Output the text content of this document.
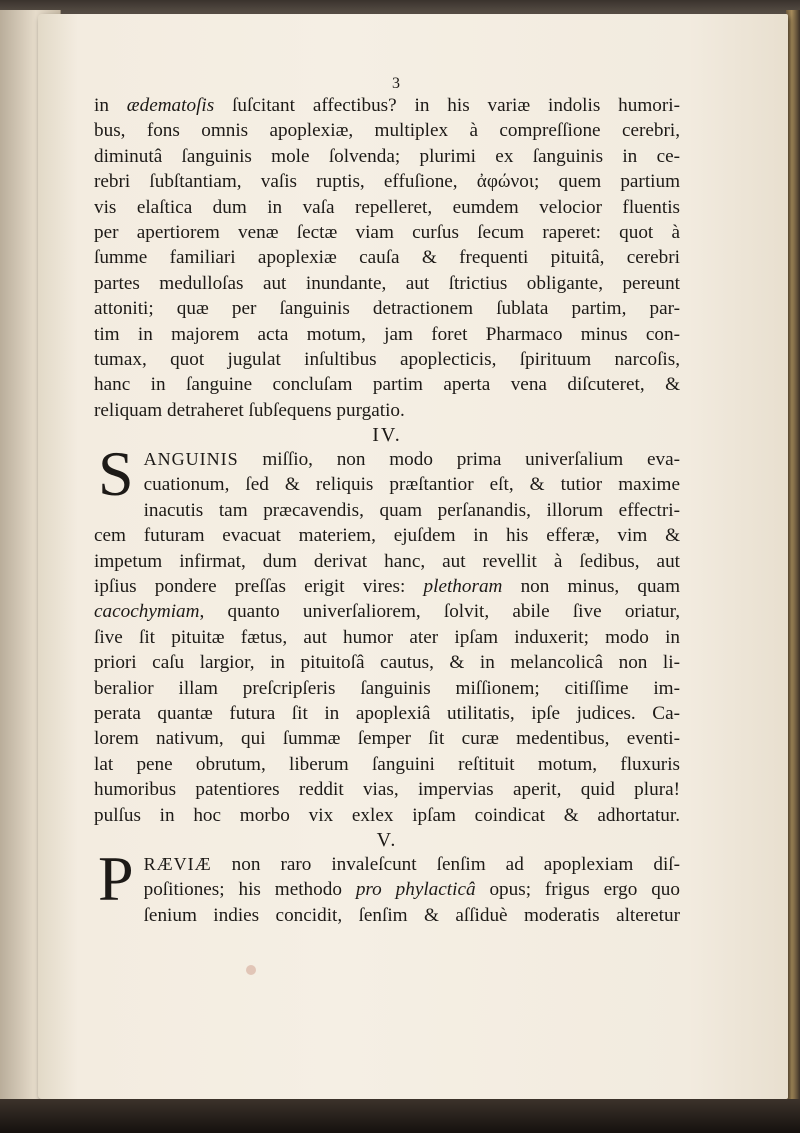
3
in ædematoſis ſuſcitant affectibus? in his variæ indolis humori-
bus, fons omnis apoplexiæ, multiplex à compreſſione cerebri,
diminutâ ſanguinis mole ſolvenda; plurimi ex ſanguinis in ce-
rebri ſubſtantiam, vaſis ruptis, effuſione, ἀφώνοι; quem partium
vis elaſtica dum in vaſa repelleret, eumdem velocior fluentis
per apertiorem venæ ſectæ viam curſus ſecum raperet: quot à
ſumme familiari apoplexiæ cauſa & frequenti pituitâ, cerebri
partes medulloſas aut inundante, aut ſtrictius obligante, pereunt
attoniti; quæ per ſanguinis detractionem ſublata partim, par-
tim in majorem acta motum, jam foret Pharmaco minus con-
tumax, quot jugulat inſultibus apoplecticis, ſpirituum narcoſis,
hanc in ſanguine concluſam partim aperta vena diſcuteret, &
reliquam detraheret ſubſequens purgatio.
IV.
S ANGUINIS miſſio, non modo prima univerſalium eva-
cuationum, ſed & reliquis præſtantior eſt, & tutior maxime
inacutis tam præcavendis, quam perſanandis, illorum effectri-
cem futuram evacuat materiem, ejuſdem in his efferæ, vim &
impetum infirmat, dum derivat hanc, aut revellit à ſedibus, aut
ipſius pondere preſſas erigit vires: plethoram non minus, quam
cacochymiam, quanto univerſaliorem, ſolvit, abile ſive oriatur,
ſive ſit pituitæ fætus, aut humor ater ipſam induxerit; modo in
priori caſu largior, in pituitoſâ cautus, & in melancolicâ non li-
beralior illam preſcripſeris ſanguinis miſſionem; citiſſime im-
perata quantæ futura ſit in apoplexiâ utilitatis, ipſe judices. Ca-
lorem nativum, qui ſummæ ſemper ſit curæ medentibus, eventi-
lat pene obrutum, liberum ſanguini reſtituit motum, fluxuris
humoribus patentiores reddit vias, impervias aperit, quid plura!
pulſus in hoc morbo vix exlex ipſam coindicat & adhortatur.
V.
P RÆVIÆ non raro invaleſcunt ſenſim ad apoplexiam diſ-
poſitiones; his methodo pro phylacticâ opus; frigus ergo quo
ſenium indies concidit, ſenſim & aſſiduè moderatis alteretur
